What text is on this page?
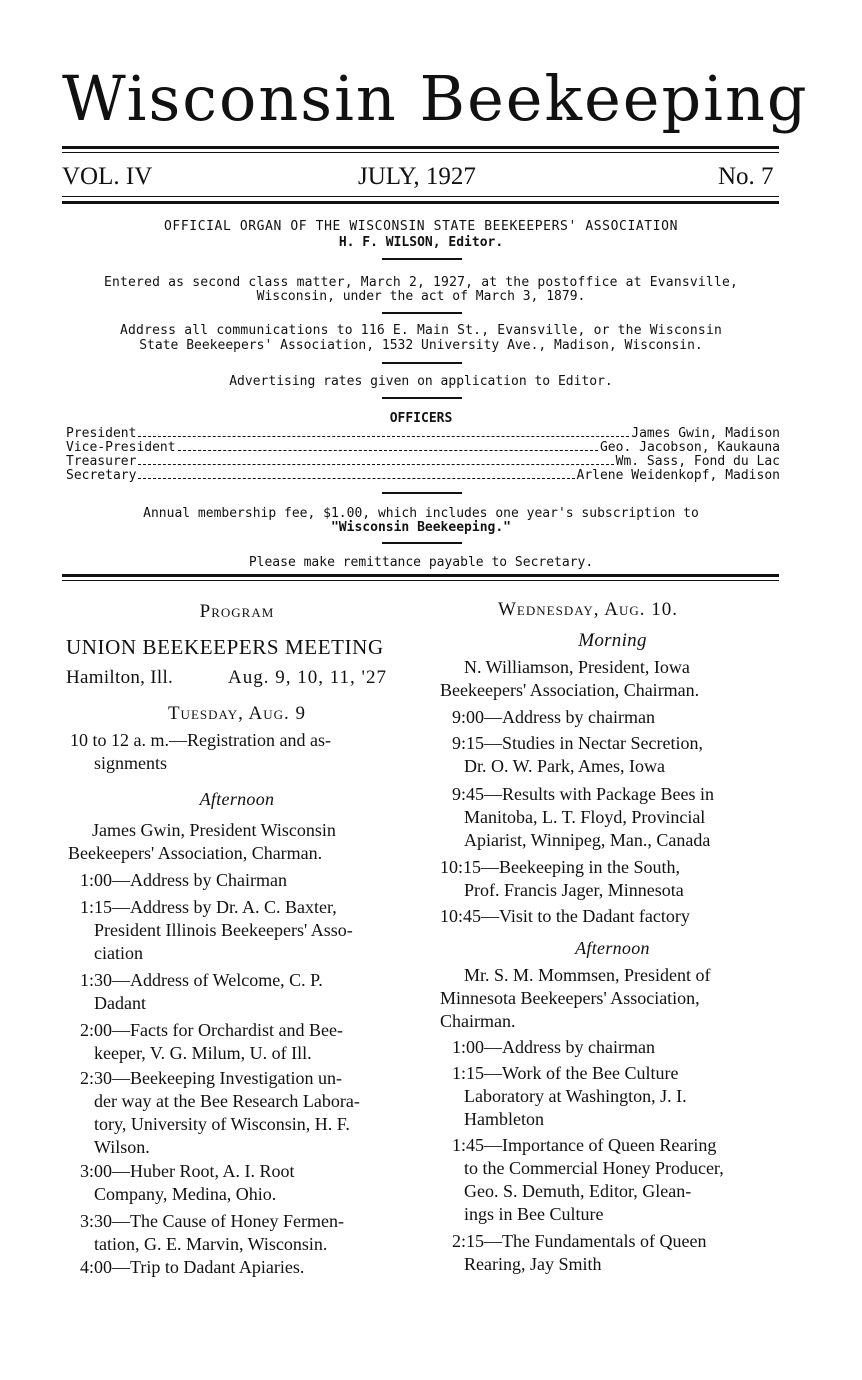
Wisconsin Beekeeping
VOL. IV	JULY, 1927	No. 7
OFFICIAL ORGAN OF THE WISCONSIN STATE BEEKEEPERS' ASSOCIATION
H. F. WILSON, Editor.
Entered as second class matter, March 2, 1927, at the postoffice at Evansville,
Wisconsin, under the act of March 3, 1879.
Address all communications to 116 E. Main St., Evansville, or the Wisconsin
State Beekeepers' Association, 1532 University Ave., Madison, Wisconsin.
Advertising rates given on application to Editor.
OFFICERS
President	James Gwin, Madison
Vice-President	Geo. Jacobson, Kaukauna
Treasurer	Wm. Sass, Fond du Lac
Secretary	Arlene Weidenkopf, Madison
Annual membership fee, $1.00, which includes one year's subscription to
"Wisconsin Beekeeping."
Please make remittance payable to Secretary.
Program
UNION BEEKEEPERS MEETING
Hamilton, Ill.	Aug. 9, 10, 11, '27
Tuesday, Aug. 9
10 to 12 a. m.—Registration and as-
signments
Afternoon
James Gwin, President Wisconsin
Beekeepers' Association, Charman.
1:00—Address by Chairman
1:15—Address by Dr. A. C. Baxter,
President Illinois Beekeepers' Asso-
ciation
1:30—Address of Welcome, C. P.
Dadant
2:00—Facts for Orchardist and Bee-
keeper, V. G. Milum, U. of Ill.
2:30—Beekeeping Investigation un-
der way at the Bee Research Labora-
tory, University of Wisconsin, H. F.
Wilson.
3:00—Huber Root, A. I. Root
Company, Medina, Ohio.
3:30—The Cause of Honey Fermen-
tation, G. E. Marvin, Wisconsin.
4:00—Trip to Dadant Apiaries.
Wednesday, Aug. 10.
Morning
N. Williamson, President, Iowa
Beekeepers' Association, Chairman.
9:00—Address by chairman
9:15—Studies in Nectar Secretion,
Dr. O. W. Park, Ames, Iowa
9:45—Results with Package Bees in
Manitoba, L. T. Floyd, Provincial
Apiarist, Winnipeg, Man., Canada
10:15—Beekeeping in the South,
Prof. Francis Jager, Minnesota
10:45—Visit to the Dadant factory
Afternoon
Mr. S. M. Mommsen, President of
Minnesota Beekeepers' Association,
Chairman.
1:00—Address by chairman
1:15—Work of the Bee Culture
Laboratory at Washington, J. I.
Hambleton
1:45—Importance of Queen Rearing
to the Commercial Honey Producer,
Geo. S. Demuth, Editor, Glean-
ings in Bee Culture
2:15—The Fundamentals of Queen
Rearing, Jay Smith
